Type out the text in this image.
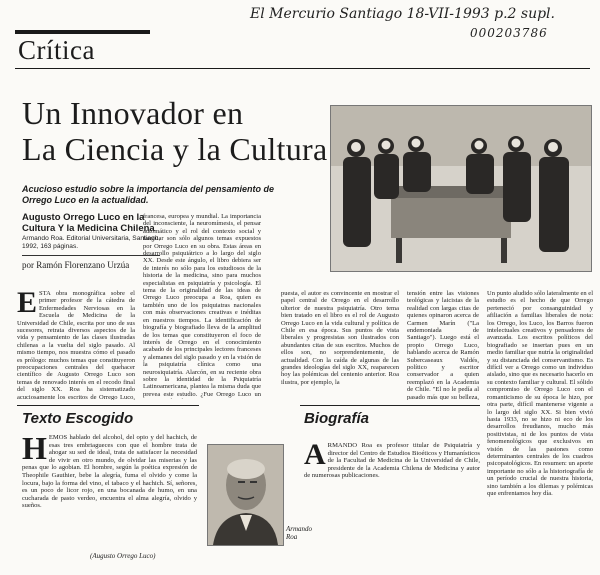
El Mercurio Santiago 18-VII-1993 p.2 supl.
000203786
Crítica
Un Innovador en
La Ciencia y la Cultura
Acucioso estudio sobre la importancia del pensamiento de Orrego Luco en la actualidad.
Augusto Orrego Luco en la Cultura Y la Medicina Chilena
Armando Roa. Editorial Universitaria, Santiago, 1992, 163 páginas.
por Ramón Florenzano Urzúa
ESTA obra monográfica sobre el primer profesor de la cátedra de Enfermedades Nerviosas en la Escuela de Medicina de la Universidad de Chile, escrita por uno de sus sucesores, retrata diversos aspectos de la vida y pensamiento de las clases ilustradas chilenas a la vuelta del siglo pasado. Al mismo tiempo, nos muestra cómo el pasado es prólogo: muchos temas que constituyeron preocupaciones centrales del quehacer científico de Augusto Orrego Luco son temas de renovado interés en el recodo final del siglo XX. Roa ha sistematizado acuciosamente los escritos de Orrego Luco,
francesa, europea y mundial. La importancia del inconsciente, la neuromímesis, el pensar automático y el rol del contexto social y familiar son sólo algunos temas expuestos por Orrego Luco en su obra. Estas áreas en desarrollo psiquiátrico a lo largo del siglo XX. Desde este ángulo, el libro debiera ser de interés no sólo para los estudiosos de la historia de la medicina, sino para muchos especialistas en psiquiatría y psicología. El tema de la originalidad de las ideas de Orrego Luco preocupa a Roa, quien es también uno de los psiquiatras nacionales con más observaciones creativas e inéditas en nuestros tiempos. La identificación de biografía y biografiado lleva de la amplitud de los temas que constituyeron el foco de interés de Orrego en el conocimiento acabado de los principales lectores franceses y alemanes del siglo pasado y en la visión de la psiquiatría clínica como una neurosiquiatría. Alarcón, en su reciente obra sobre la identidad de la Psiquiatría Latinoamericana, plantea la misma duda que prevea este estudio. ¿Fue Orrego Luco un
puesta, el autor es convincente en mostrar el papel central de Orrego en el desarrollo ulterior de nuestra psiquiatría. Otro tema bien tratado en el libro es el rol de Augusto Orrego Luco en la vida cultural y política de Chile en esa época. Sus puntos de vista liberales y progresistas son ilustrados con abundantes citas de sus escritos. Muchos de ellos son, no sorprendentemente, de actualidad. Con la caída de algunas de las grandes ideologías del siglo XX, reaparecen hoy las polémicas del centenio anterior. Roa ilustra, por ejemplo, la
tensión entre las visiones teológicas y laicistas de la realidad con largas citas de quienes opinaron acerca de Carmen Marín ("La endemoniada de Santiago"). Luego está el propio Orrego Luco, hablando acerca de Ramón Subercaseaux Valdés, político y escritor conservador a quien reemplazó en la Academia de Chile. "El no le pedía al pasado más que su belleza,
Un punto aludido sólo lateralmente en el estudio es el hecho de que Orrego perteneció por consanguinidad y afiliación a familias liberales de nota: los Orrego, los Luco, los Barros fueron intelectuales creativos y pensadores de avanzada. Los escritos políticos del biografiado se insertan pues en un medio familiar que nutría la originalidad y su distanciada del conservantismo. Es difícil ver a Orrego como un individuo aislado, sino que es necesario hacerlo en su contexto familiar y cultural. El sólido compromiso de Orrego Luco con el romanticismo de su época le hizo, por otra parte, difícil mantenerse vigente a lo largo del siglo XX. Si bien vivió hasta 1933, no se hizo ni eco de los desarrollos freudianos, mucho más positivistas, ni de los puntos de vista fenomenológicos que exclusivos en visión de las pasiones como determinantes centrales de los cuadros psicopatológicos. En resumen: un aporte importante no sólo a la historiografía de un período crucial de nuestra historia, sino también a los dilemas y polémicas que enfrentamos hoy día.
Texto Escogido
HEMOS hablado del alcohol, del opio y del hachich, de esas tres embriagueces con que el hombre trata de ahogar su sed de ideal, trata de satisfacer la necesidad de vivir en otro mundo, de olvidar las miserias y las penas que lo agobian. El hombre, según la poética expresión de Theophile Gauthier, bebe la alegría, fuma el olvido y come la locura, bajo la forma del vino, el tabaco y el hachich. Sí, señores, es un poco de licor rojo, en una bocanada de humo, en una cucharada de pasto verdeo, encuentra el alma alegría, olvido y sueños.
(Augusto Orrego Luco)
Armando
Roa
Biografía
ARMANDO Roa es profesor titular de Psiquiatría y director del Centro de Estudios Bioéticos y Humanísticos de la Facultad de Medicina de la Universidad de Chile, presidente de la Academia Chilena de Medicina y autor de numerosas publicaciones.
